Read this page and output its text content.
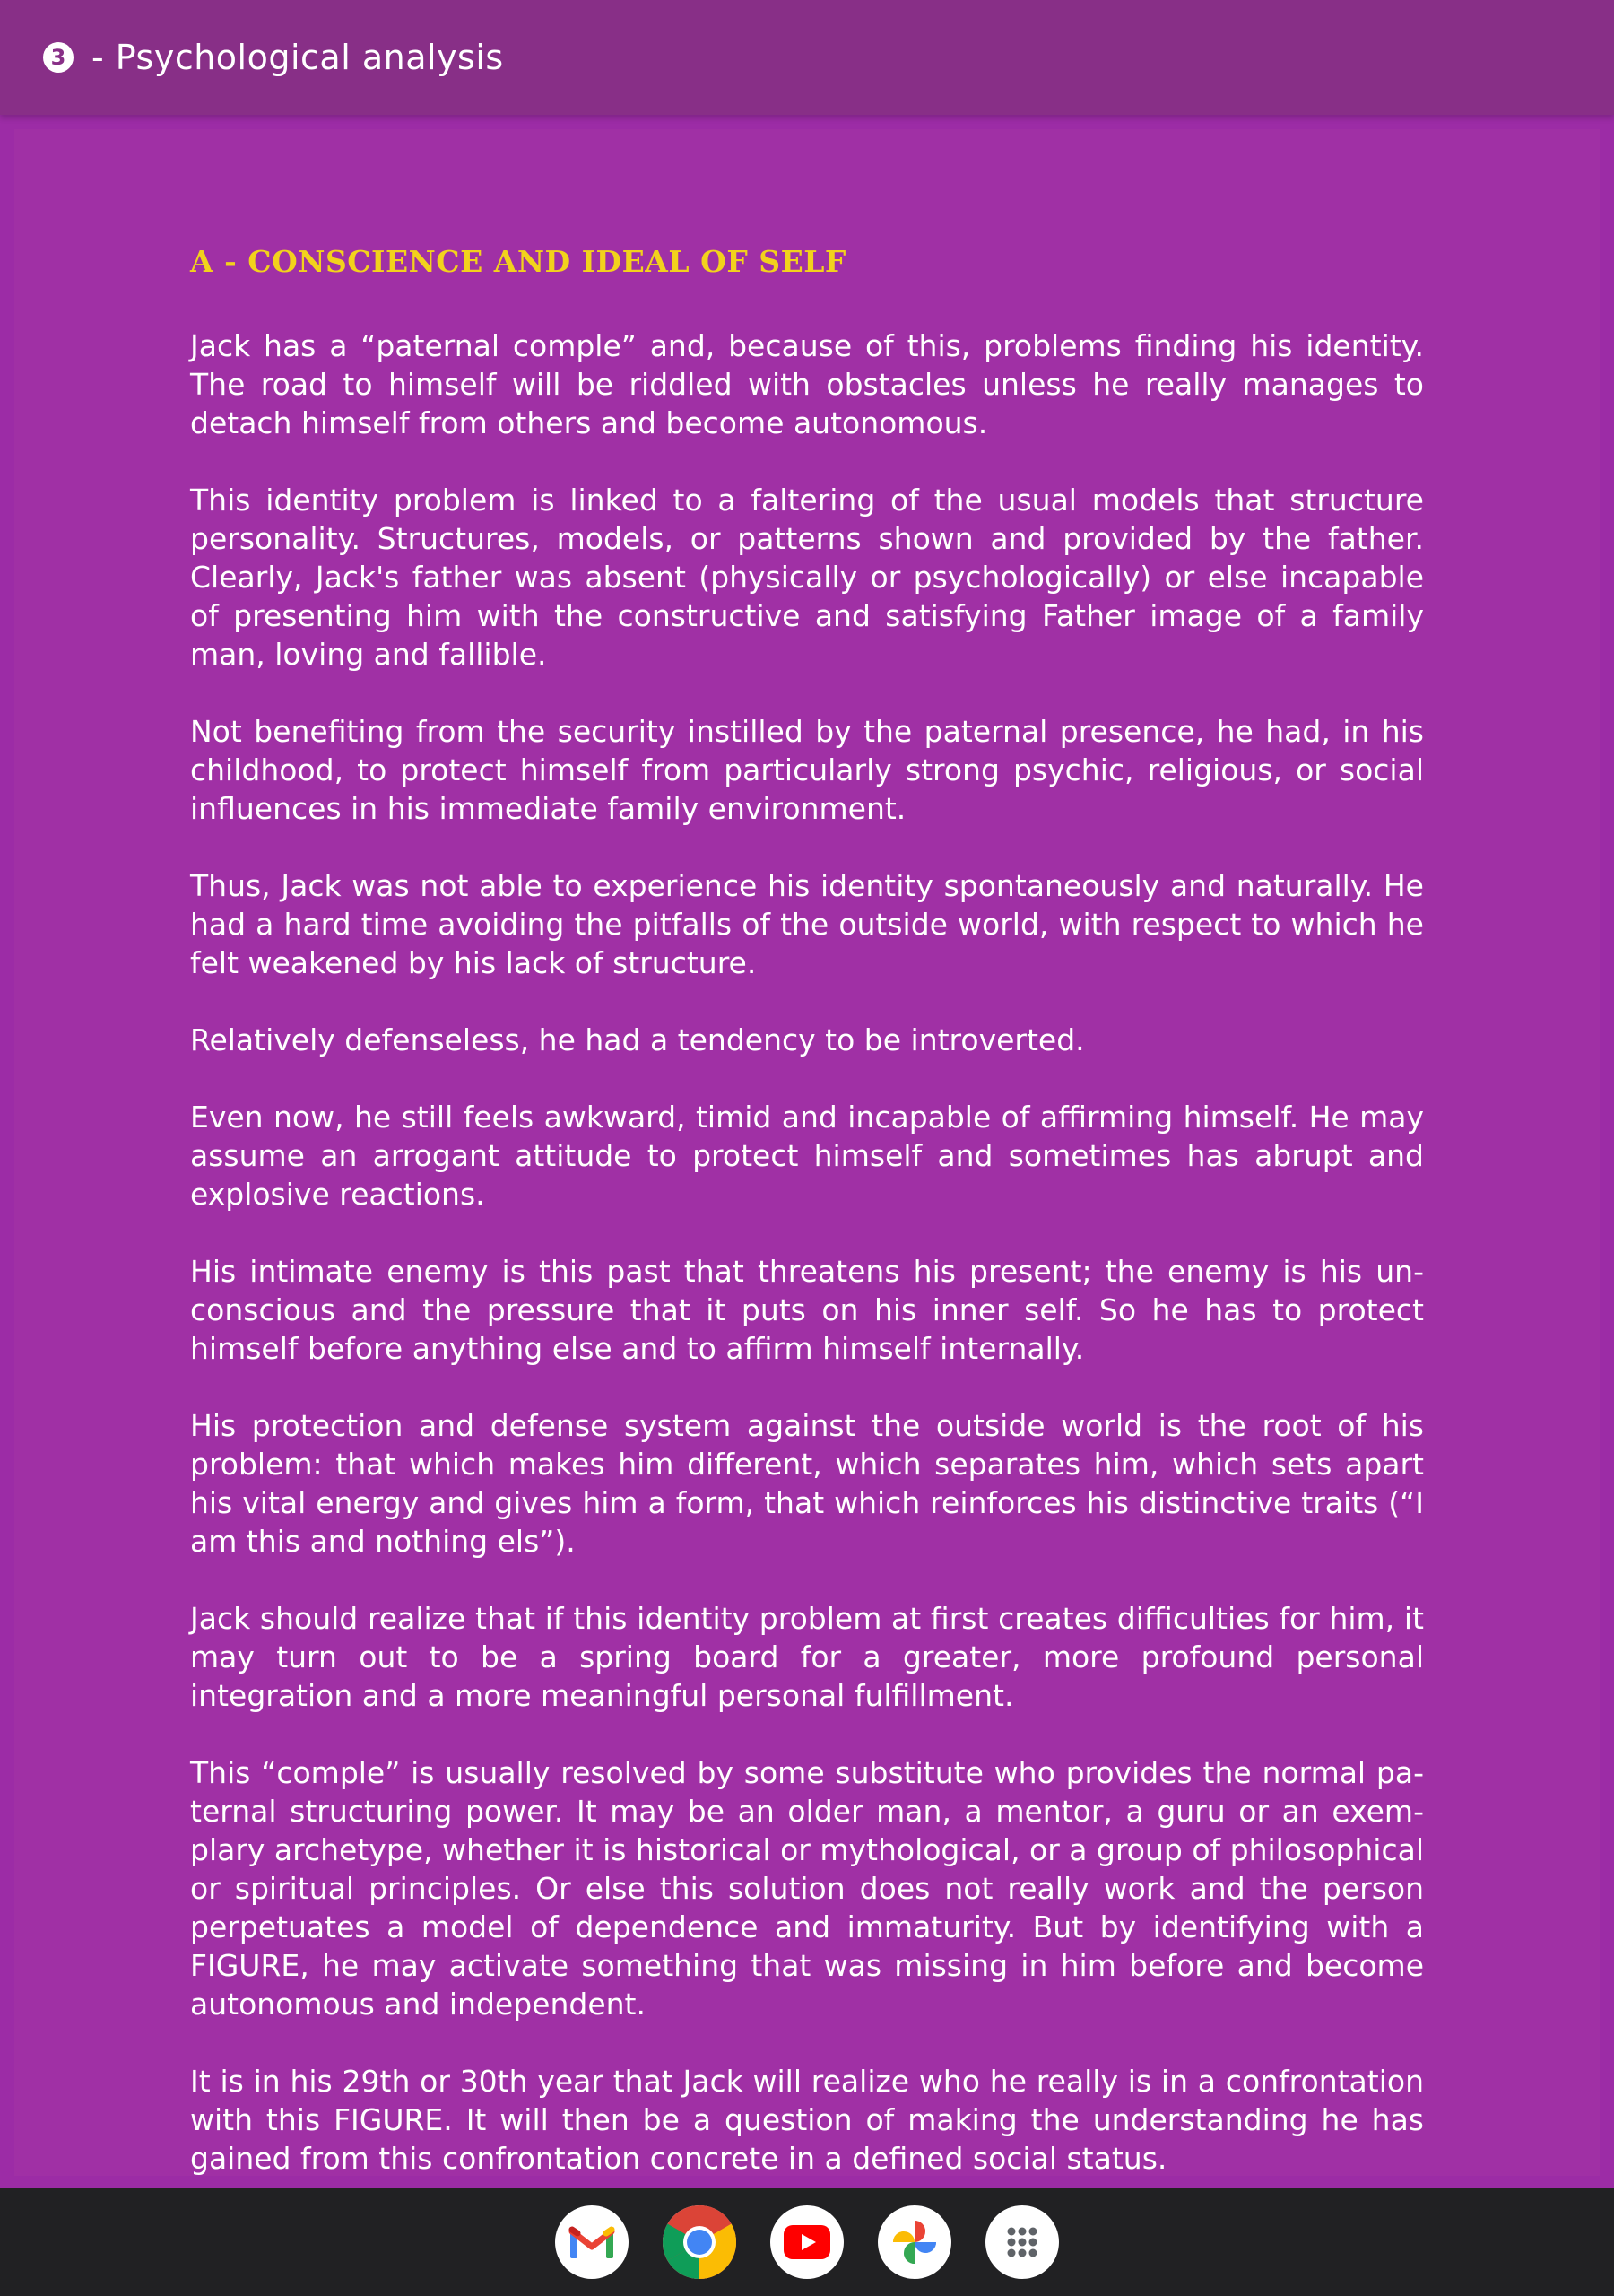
3 - Psychological analysis
A - CONSCIENCE AND IDEAL OF SELF

Jack has a “paternal comple” and, because of this, problems finding his identity. The road to himself will be riddled with obstacles unless he really manages to detach himself from others and become autonomous.

This identity problem is linked to a faltering of the usual models that structure personality. Structures, models, or patterns shown and provided by the father. Clearly, Jack's father was absent (physically or psychologically) or else incapable of presenting him with the constructive and satisfying Father image of a family man, loving and fallible.

Not benefiting from the security instilled by the paternal presence, he had, in his childhood, to protect himself from particularly strong psychic, religious, or social influences in his immediate family environment.

Thus, Jack was not able to experience his identity spontaneously and naturally. He had a hard time avoiding the pitfalls of the outside world, with respect to which he felt weakened by his lack of structure.

Relatively defenseless, he had a tendency to be introverted.

Even now, he still feels awkward, timid and incapable of affirming himself. He may assume an arrogant attitude to protect himself and sometimes has abrupt and explosive reactions.

His intimate enemy is this past that threatens his present; the enemy is his unconscious and the pressure that it puts on his inner self. So he has to protect himself before anything else and to affirm himself internally.

His protection and defense system against the outside world is the root of his problem: that which makes him different, which separates him, which sets apart his vital energy and gives him a form, that which reinforces his distinctive traits (“I am this and nothing els”).

Jack should realize that if this identity problem at first creates difficulties for him, it may turn out to be a spring board for a greater, more profound personal integration and a more meaningful personal fulfillment.

This “comple” is usually resolved by some substitute who provides the normal paternal structuring power. It may be an older man, a mentor, a guru or an exemplary archetype, whether it is historical or mythological, or a group of philosophical or spiritual principles. Or else this solution does not really work and the person perpetuates a model of dependence and immaturity. But by identifying with a FIGURE, he may activate something that was missing in him before and become autonomous and independent.

It is in his 29th or 30th year that Jack will realize who he really is in a confrontation with this FIGURE. It will then be a question of making the understanding he has gained from this confrontation concrete in a defined social status.
